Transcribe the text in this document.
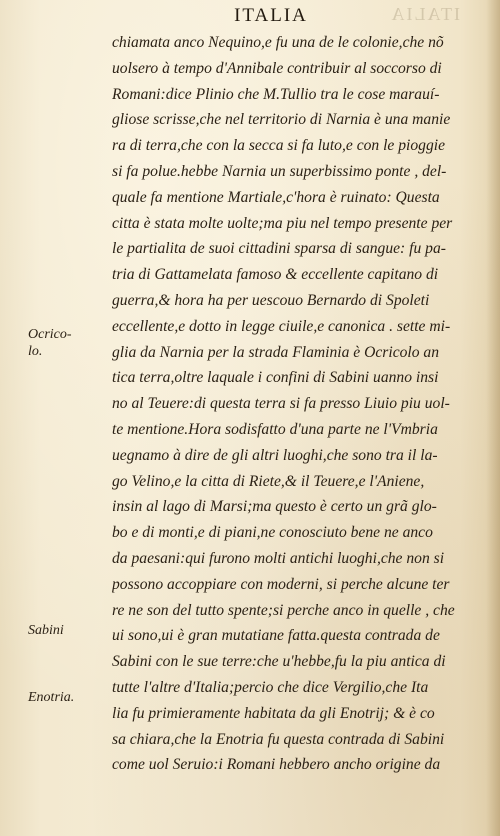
ITALIA	ITALIA
chiamata anco Nequino,e fu una de le colonie,che nõ
uolsero à tempo d'Annibale contribuir al soccorso di
Romani:dice Plinio che M.Tullio tra le cose marauí-
gliose scrisse,che nel territorio di Narnia è una manie
ra di terra,che con la secca si fa luto,e con le pioggie
si fa polue.hebbe Narnia un superbissimo ponte , del-
quale fa mentione Martiale,c'hora è ruinato: Questa
citta è stata molte uolte;ma piu nel tempo presente per
le partialita de suoi cittadini sparsa di sangue: fu pa-
tria di Gattamelata famoso & eccellente capitano di
guerra,& hora ha per uescouo Bernardo di Spoleti
eccellente,e dotto in legge ciuile,e canonica . sette mi-
glia da Narnia per la strada Flaminia è Ocricolo an
tica terra,oltre laquale i confini di Sabini uanno insi
no al Teuere:di questa terra si fa presso Liuio piu uol-
te mentione.Hora sodisfatto d'una parte ne l'Vmbria
uegnamo à dire de gli altri luoghi,che sono tra il la-
go Velino,e la citta di Riete,& il Teuere,e l'Aniene,
insin al lago di Marsi;ma questo è certo un grã glo-
bo e di monti,e di piani,ne conosciuto bene ne anco
da paesani:qui furono molti antichi luoghi,che non si
possono accoppiare con moderni, si perche alcune ter
re ne son del tutto spente;si perche anco in quelle , che
ui sono,ui è gran mutatiane fatta.questa contrada de
Sabini con le sue terre:che u'hebbe,fu la piu antica di
tutte l'altre d'Italia;percio che dice Vergilio,che Ita
lia fu primieramente habitata da gli Enotrij; & è co
sa chiara,che la Enotria fu questa contrada di Sabini
come uol Seruio:i Romani hebbero ancho origine da

Ocrico-
lo.

Sabini

Enotria.
